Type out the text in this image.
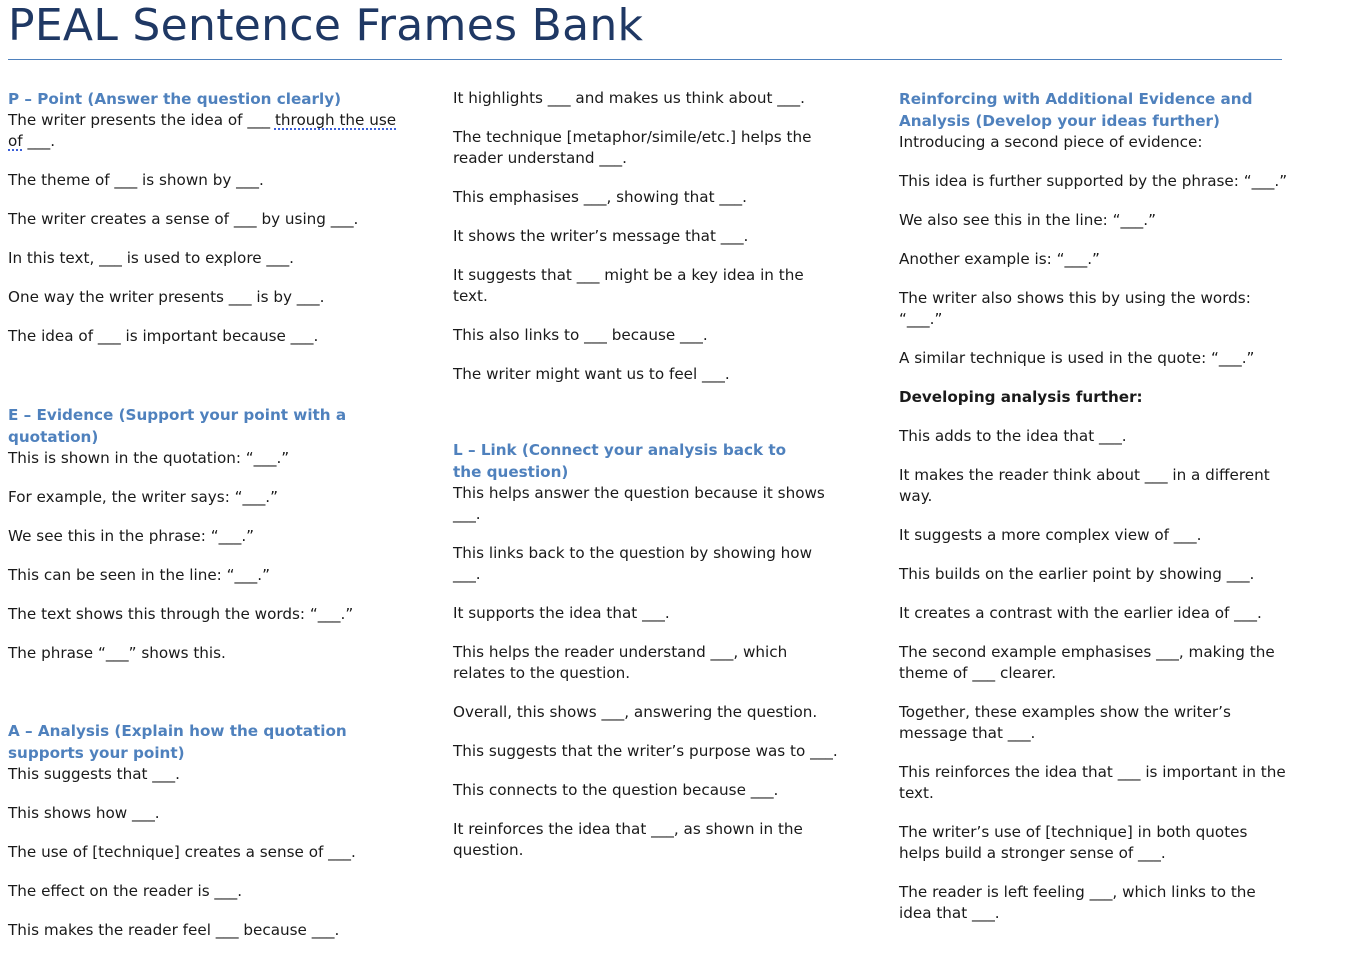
PEAL Sentence Frames Bank

P – Point (Answer the question clearly)

The writer presents the idea of ___ through the use of ___.

The theme of ___ is shown by ___.

The writer creates a sense of ___ by using ___.

In this text, ___ is used to explore ___.

One way the writer presents ___ is by ___.

The idea of ___ is important because ___.

E – Evidence (Support your point with a quotation)

This is shown in the quotation: “___.”

For example, the writer says: “___.”

We see this in the phrase: “___.”

This can be seen in the line: “___.”

The text shows this through the words: “___.”

The phrase “___” shows this.

A – Analysis (Explain how the quotation supports your point)

This suggests that ___.

This shows how ___.

The use of [technique] creates a sense of ___.

The effect on the reader is ___.

This makes the reader feel ___ because ___.

It highlights ___ and makes us think about ___.

The technique [metaphor/simile/etc.] helps the reader understand ___.

This emphasises ___, showing that ___.

It shows the writer’s message that ___.

It suggests that ___ might be a key idea in the text.

This also links to ___ because ___.

The writer might want us to feel ___.

L – Link (Connect your analysis back to the question)

This helps answer the question because it shows ___.

This links back to the question by showing how ___.

It supports the idea that ___.

This helps the reader understand ___, which relates to the question.

Overall, this shows ___, answering the question.

This suggests that the writer’s purpose was to ___.

This connects to the question because ___.

It reinforces the idea that ___, as shown in the question.

Reinforcing with Additional Evidence and Analysis (Develop your ideas further)

Introducing a second piece of evidence:

This idea is further supported by the phrase: “___.”

We also see this in the line: “___.”

Another example is: “___.”

The writer also shows this by using the words: “___.”

A similar technique is used in the quote: “___.”

Developing analysis further:

This adds to the idea that ___.

It makes the reader think about ___ in a different way.

It suggests a more complex view of ___.

This builds on the earlier point by showing ___.

It creates a contrast with the earlier idea of ___.

The second example emphasises ___, making the theme of ___ clearer.

Together, these examples show the writer’s message that ___.

This reinforces the idea that ___ is important in the text.

The writer’s use of [technique] in both quotes helps build a stronger sense of ___.

The reader is left feeling ___, which links to the idea that ___.
